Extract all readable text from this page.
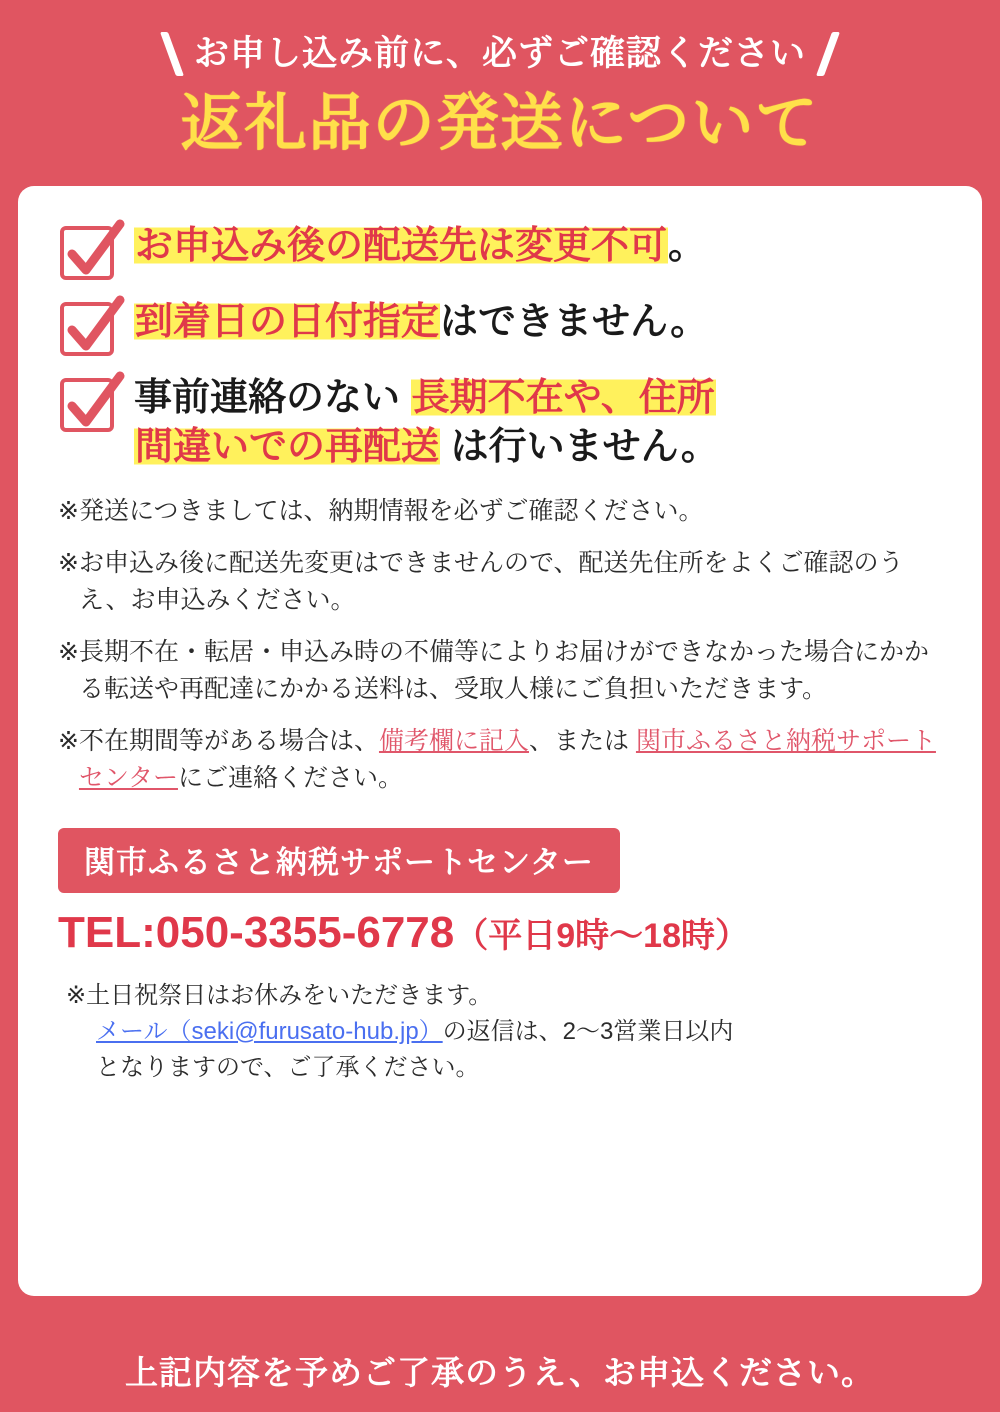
お申し込み前に、必ずご確認ください
返礼品の発送について
お申込み後の配送先は変更不可。
到着日の日付指定はできません。
事前連絡のない 長期不在や、住所
間違いでの再配送 は行いません。
※ 発送につきましては、納期情報を必ずご確認ください。
※ お申込み後に配送先変更はできませんので、配送先住所をよくご確認のうえ、お申込みください。
※ 長期不在・転居・申込み時の不備等によりお届けができなかった場合にかかる転送や再配達にかかる送料は、受取人様にご負担いただきます。
※ 不在期間等がある場合は、備考欄に記入、または 関市ふるさと納税サポートセンターにご連絡ください。
関市ふるさと納税サポートセンター
TEL:050-3355-6778（平日9時〜18時）
※ 土日祝祭日はお休みをいただきます。
メール（seki@furusato-hub.jp）の返信は、2〜3営業日以内
となりますので、ご了承ください。
上記内容を予めご了承のうえ、お申込ください。
